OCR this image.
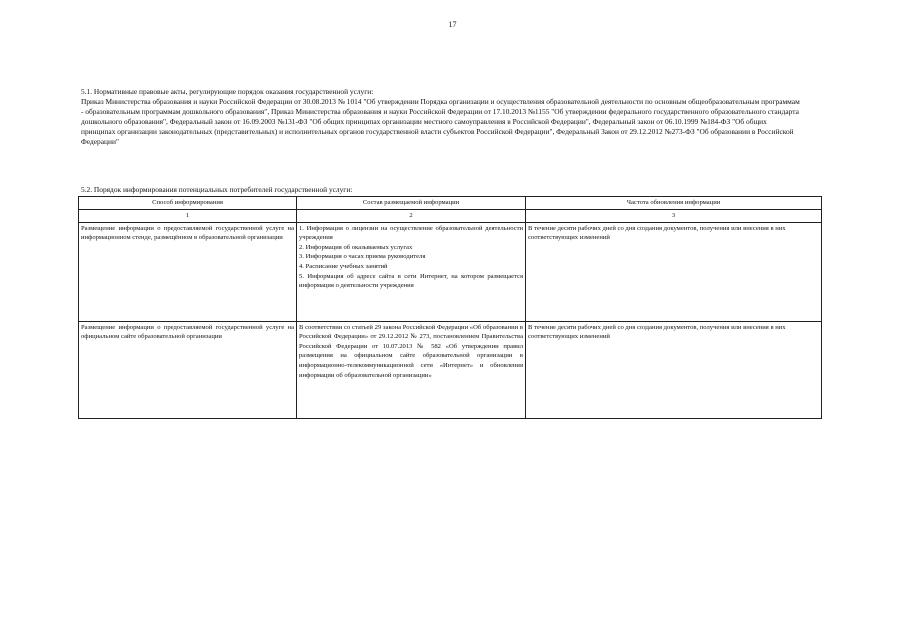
17

5.1. Нормативные правовые акты, регулирующие порядок оказания государственной услуги:

Приказ Министерства образования и науки Российской Федерации от 30.08.2013 № 1014 "Об утверждении Порядка организации и осуществления образовательной деятельности по основным общеобразовательным программам - образовательным программам дошкольного образования", Приказ Министерства образования и науки Российской Федерации от 17.10.2013 №1155 "Об утверждении федерального государственного образовательного стандарта дошкольного образования", Федеральный закон от 16.09.2003 №131-ФЗ "Об общих принципах организации местного самоуправления в Российской Федерации", Федеральный закон от 06.10.1999 №184-ФЗ "Об общих принципах организации законодательных (представительных) и исполнительных органов государственной власти субъектов Российской Федерации", Федеральный Закон от 29.12.2012 №273-ФЗ "Об образовании в Российской Федерации"

5.2. Порядок информирования потенциальных потребителей государственной услуги:

Способ информирования	Состав размещаемой информации	Частота обновления информации
1	2	3
Размещение информации о предоставляемой государственной услуге на информационном стенде, размещённом в образовательной организации	1. Информация о лицензии на осуществление образовательной деятельности учреждения
2. Информация об оказываемых услугах
3. Информация о часах приема руководителя
4. Расписание учебных занятий
5. Информация об адресе сайта в сети Интернет, на котором размещается информация о деятельности учреждения	В течение десяти рабочих дней со дня создания документов, получения или внесения в них соответствующих изменений
Размещение информации о предоставляемой государственной услуге на официальном сайте образовательной организации	В соответствии со статьей 29 закона Российской Федерации «Об образовании в Российской Федерации» от 29.12.2012 № 273, постановлением Правительства Российской Федерации от 10.07.2013 № 582 «Об утверждении правил размещения на официальном сайте образовательной организации в информационно-телекоммуникационной сети «Интернет» и обновления информации об образовательной организации»	В течение десяти рабочих дней со дня создания документов, получения или внесения в них соответствующих изменений
